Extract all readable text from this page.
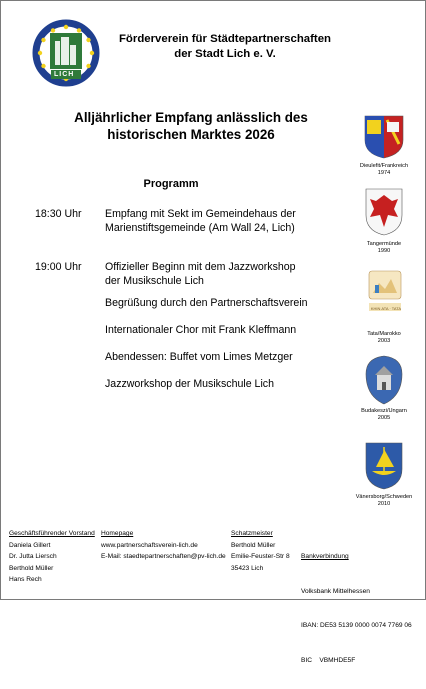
LICH
Förderverein für Städtepartnerschaften
der Stadt Lich e. V.
Alljährlicher Empfang anlässlich des
historischen Marktes 2026
Programm
18:30 Uhr Empfang mit Sekt im Gemeindehaus der
Marienstiftsgemeinde (Am Wall 24, Lich)
19:00 Uhr Offizieller Beginn mit dem Jazzworkshop
der Musikschule Lich
Begrüßung durch den Partnerschaftsverein
Internationaler Chor mit Frank Kleffmann
Abendessen: Buffet vom Limes Metzger
Jazzworkshop der Musikschule Lich
Dieulefit/Frankreich
1974
Tangermünde
1990
KHIN ATA · TATA
Tata/Marokko
2003
Budakeszi/Ungarn
2005
Vänersborg/Schweden
2010
Geschäftsführender Vorstand
Daniela Gillert
Dr. Jutta Liersch
Berthold Müller
Hans Rech
Homepage
www.partnerschaftsverein-lich.de
E-Mail: staedtepartnerschaften@pv-lich.de
Schatzmeister
Berthold Müller
Emilie-Feuster-Str 8
35423 Lich

Bankverbindung

Volksbank Mittelhessen

IBAN: DE53 5139 0000 0074 7769 06

BIC    VBMHDE5F
